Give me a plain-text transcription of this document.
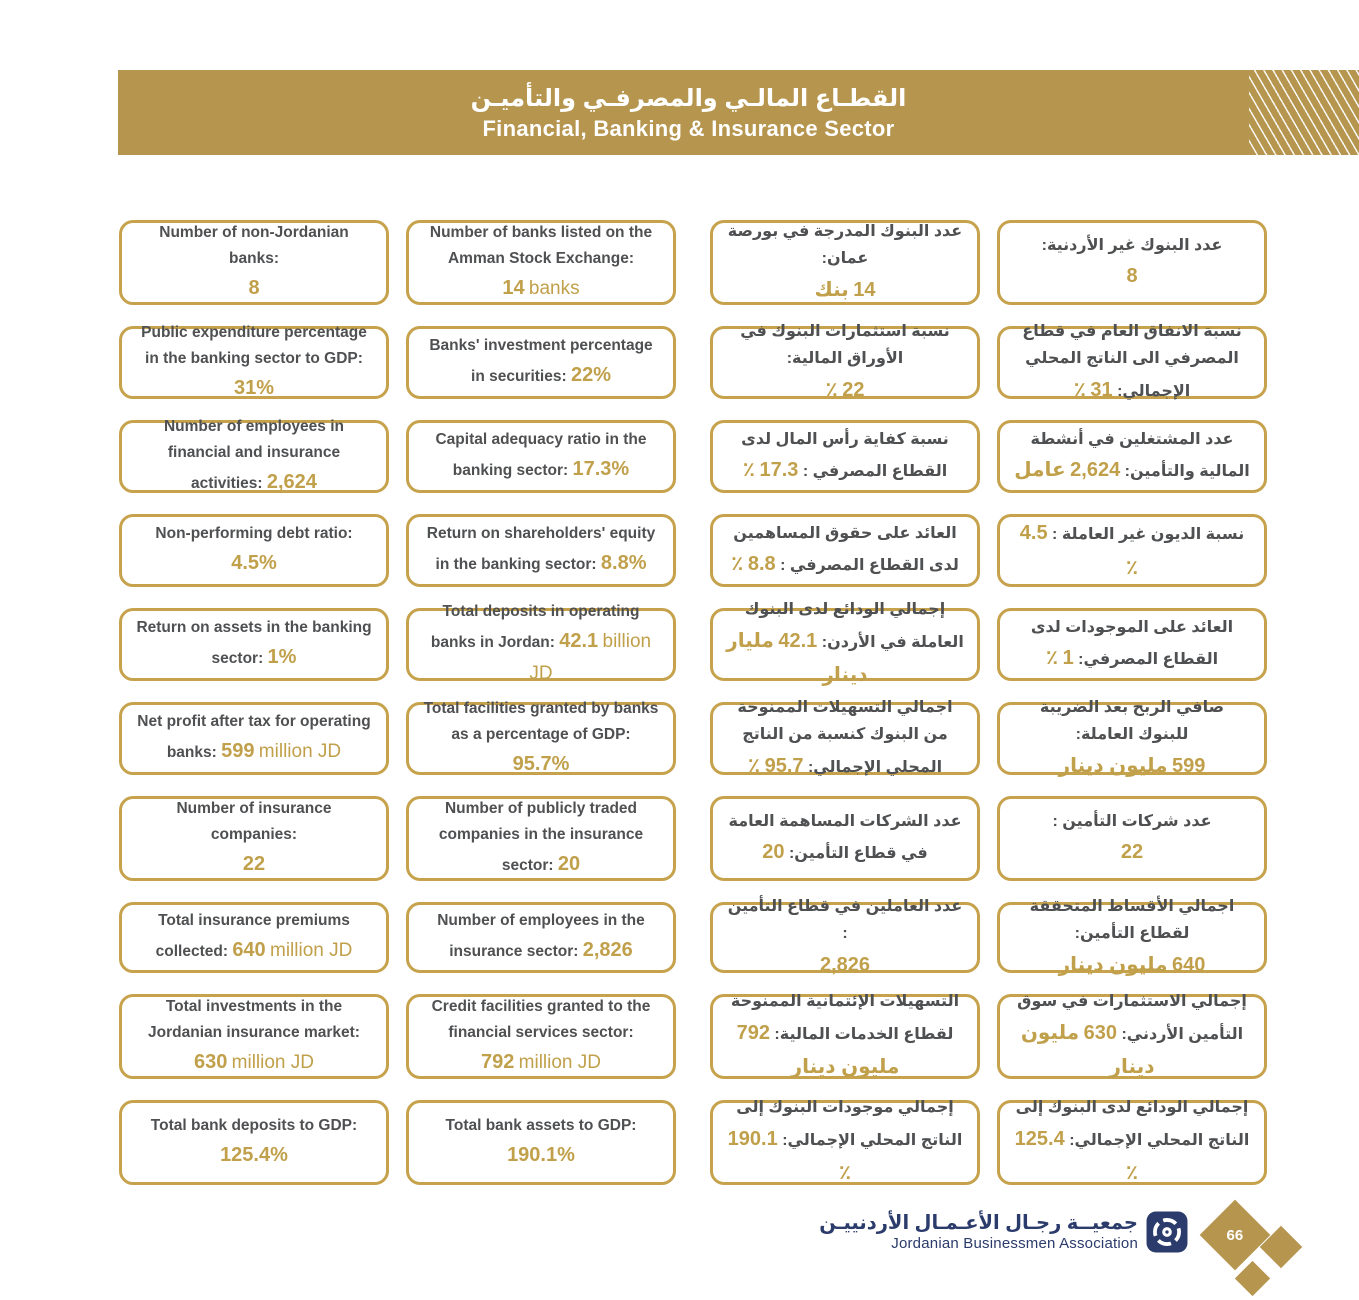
القطـاع المالـي والمصرفـي والتأميـن
Financial, Banking & Insurance Sector

Number of non-Jordanian banks:
8

Number of banks listed on the Amman Stock Exchange:
14 banks

عدد البنوك المدرجة في بورصة عمان:
14 بنك

عدد البنوك غير الأردنية:
8

Public expenditure percentage in the banking sector to GDP: 31%

Banks' investment percentage in securities: 22%

نسبة استثمارات البنوك في الأوراق المالية:
22 ٪

نسبة الانفاق العام في قطاع المصرفي الى الناتج المحلي الإجمالي: 31 ٪

Number of employees in financial and insurance activities: 2,624

Capital adequacy ratio in the banking sector: 17.3%

نسبة كفاية رأس المال لدى القطاع المصرفي : 17.3 ٪

عدد المشتغلين في أنشطة المالية والتأمين: 2,624 عامل

Non-performing debt ratio:
4.5%

Return on shareholders' equity in the banking sector: 8.8%

العائد على حقوق المساهمين لدى القطاع المصرفي : 8.8 ٪

نسبة الديون غير العاملة : 4.5 ٪

Return on assets in the banking sector: 1%

Total deposits in operating banks in Jordan: 42.1 billion JD

إجمالي الودائع لدى البنوك العاملة في الأردن: 42.1 مليار دينار

العائد على الموجودات لدى القطاع المصرفي: 1 ٪

Net profit after tax for operating banks: 599 million JD

Total facilities granted by banks as a percentage of GDP: 95.7%

اجمالي التسهيلات الممنوحة من البنوك كنسبة من الناتج المحلي الإجمالي: 95.7 ٪

صافي الربح بعد الضريبة للبنوك العاملة:
599 مليون دينار

Number of insurance companies:
22

Number of publicly traded companies in the insurance sector: 20

عدد الشركات المساهمة العامة في قطاع التأمين: 20

عدد شركات التأمين :
22

Total insurance premiums collected: 640 million JD

Number of employees in the insurance sector: 2,826

عدد العاملين في قطاع التأمين :
2,826

اجمالي الأقساط المتحققة لقطاع التأمين:
640 مليون دينار

Total investments in the Jordanian insurance market:
630 million JD

Credit facilities granted to the financial services sector:
792 million JD

التسهيلات الإئتمانية الممنوحة لقطاع الخدمات المالية: 792 مليون دينار

إجمالي الاستثمارات في سوق التأمين الأردني: 630 مليون دينار

Total bank deposits to GDP:
125.4%

Total bank assets to GDP:
190.1%

إجمالي موجودات البنوك إلى الناتج المحلي الإجمالي: 190.1 ٪

إجمالي الودائع لدى البنوك إلى الناتج المحلي الإجمالي: 125.4 ٪

جمعيــة رجـال الأعـمـال الأردنييـن
Jordanian Businessmen Association
66
